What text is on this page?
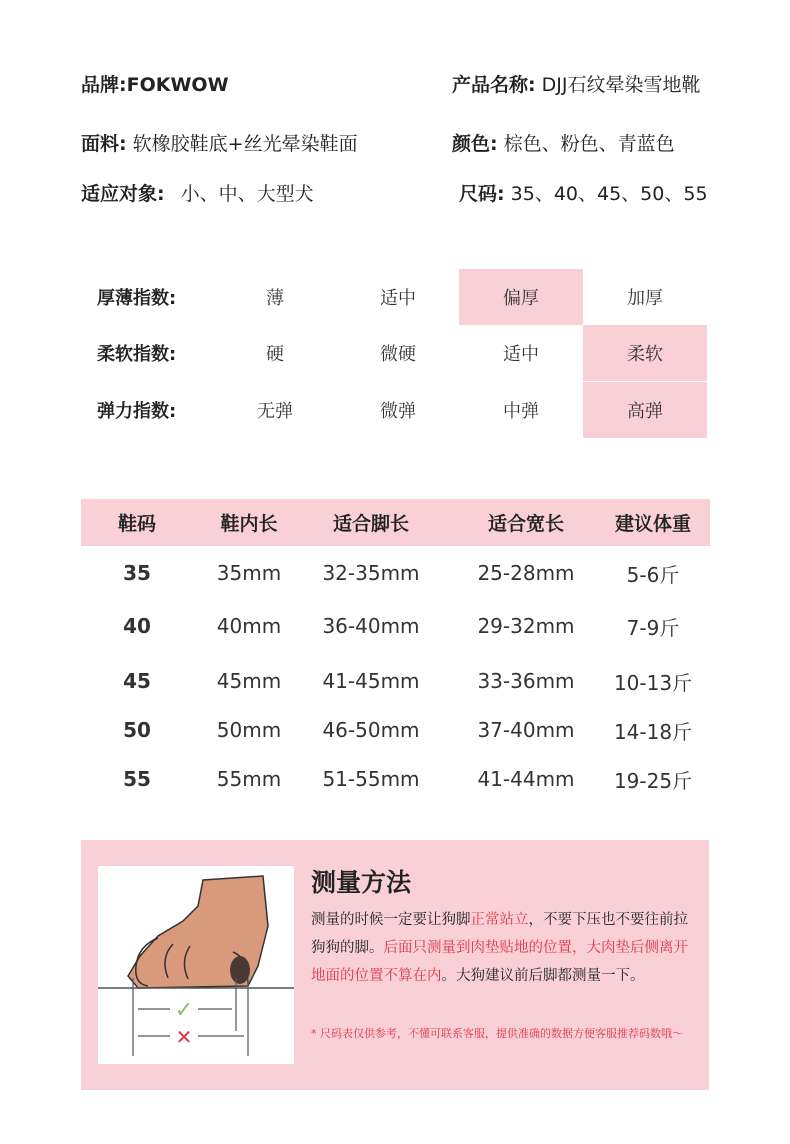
品牌:FOKWOW	产品名称: DJJ石纹晕染雪地靴
面料: 软橡胶鞋底+丝光晕染鞋面	颜色: 棕色、粉色、青蓝色
适应对象: 小、中、大型犬	尺码: 35、40、45、50、55
厚薄指数:	薄	适中	偏厚	加厚
柔软指数:	硬	微硬	适中	柔软
弹力指数:	无弹	微弹	中弹	高弹
鞋码	鞋内长	适合脚长	适合宽长	建议体重
35	35mm	32-35mm	25-28mm	5-6斤
40	40mm	36-40mm	29-32mm	7-9斤
45	45mm	41-45mm	33-36mm	10-13斤
50	50mm	46-50mm	37-40mm	14-18斤
55	55mm	51-55mm	41-44mm	19-25斤
✓
✕
测量方法
测量的时候一定要让狗脚正常站立，不要下压也不要往前拉狗狗的脚。后面只测量到肉垫贴地的位置，大肉垫后侧离开地面的位置不算在内。大狗建议前后脚都测量一下。
* 尺码表仅供参考，不懂可联系客服，提供准确的数据方便客服推荐码数哦～
